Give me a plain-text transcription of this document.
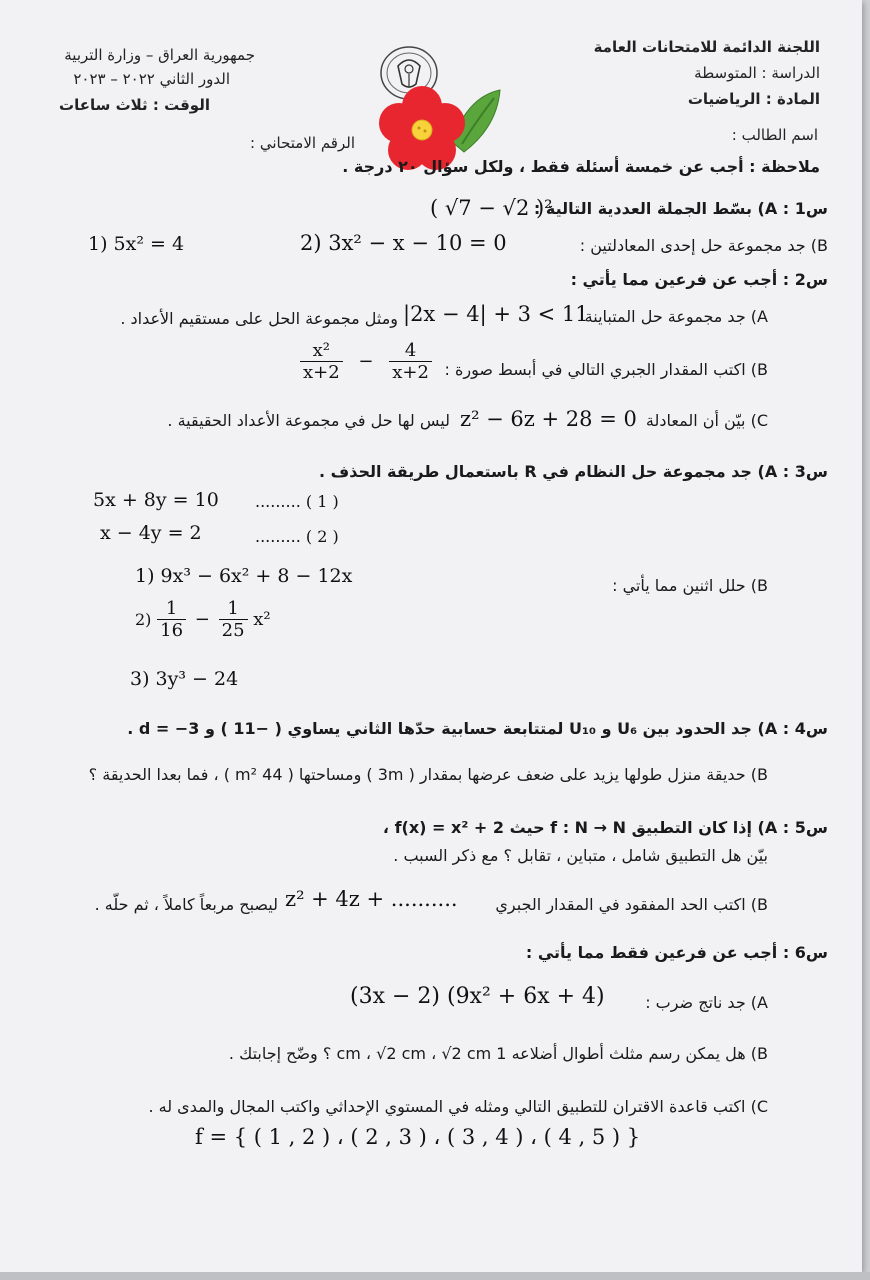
جمهورية العراق – وزارة التربية
الدور الثاني ٢٠٢٢ – ٢٠٢٣
الوقت : ثلاث ساعات
اللجنة الدائمة للامتحانات العامة
الدراسة : المتوسطة
المادة : الرياضيات
اسم الطالب :
الرقم الامتحاني :
ملاحظة : أجب عن خمسة أسئلة فقط ، ولكل سؤال ٢٠ درجة .
س1 : A) بسّط الجملة العددية التالية :
( √7 − √2 )²
B) جد مجموعة حل إحدى المعادلتين :
1) 5x² = 4	2) 3x² − x − 10 = 0
س2 : أجب عن فرعين مما يأتي :
A) جد مجموعة حل المتباينة
|2x − 4| + 3 < 11
ومثل مجموعة الحل على مستقيم الأعداد .
B) اكتب المقدار الجبري التالي في أبسط صورة :
$\frac{\text{x²}}{x+2} - \frac{4}{x+2}$
C) بيّن أن المعادلة
z² − 6z + 28 = 0
ليس لها حل في مجموعة الأعداد الحقيقية .
س3 : A) جد مجموعة حل النظام في R باستعمال طريقة الحذف .
5x + 8y = 10 ......... ( 1 )
x − 4y = 2	......... ( 2 )
B) حلل اثنين مما يأتي :
1) 9x³ − 6x² + 8 − 12x
$2) \frac{1}{16} - \frac{1}{25} x^2$
3) 3y³ − 24
س4 : A) جد الحدود بين U₆ و U₁₀ لمتتابعة حسابية حدّها الثاني يساوي ( −11 ) و d = −3 .
B) حديقة منزل طولها يزيد على ضعف عرضها بمقدار ( 3m ) ومساحتها ( 44 m² ) ، فما بعدا الحديقة ؟
س5 : A) إذا كان التطبيق f : N → N حيث f(x) = x² + 2 ،
بيّن هل التطبيق شامل ، متباين ، تقابل ؟ مع ذكر السبب .
B) اكتب الحد المفقود في المقدار الجبري
z² + 4z + ..........
ليصبح مربعاً كاملاً ، ثم حلّه .
س6 : أجب عن فرعين فقط مما يأتي :
A) جد ناتج ضرب :
(3x − 2) (9x² + 6x + 4)
B) هل يمكن رسم مثلث أطوال أضلاعه 1 cm ، √2 cm ، √2 cm ؟ وضّح إجابتك .
C) اكتب قاعدة الاقتران للتطبيق التالي ومثله في المستوي الإحداثي واكتب المجال والمدى له .
f = { ( 1 , 2 ) ، ( 2 , 3 ) ، ( 3 , 4 ) ، ( 4 , 5 ) }
